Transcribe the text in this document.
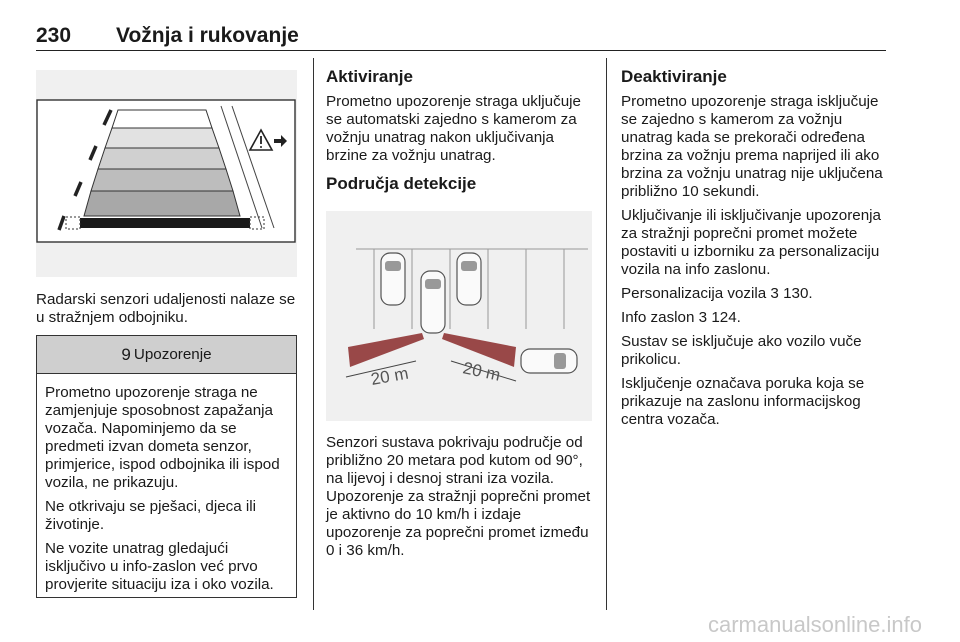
230 Vožnja i rukovanje

Radarski senzori udaljenosti nalaze se u stražnjem odbojniku.

9 Upozorenje

Prometno upozorenje straga ne zamjenjuje sposobnost zapažanja vozača. Napominjemo da se predmeti izvan dometa senzor, primjerice, ispod odbojnika ili ispod vozila, ne prikazuju.

Ne otkrivaju se pješaci, djeca ili životinje.

Ne vozite unatrag gledajući isključivo u info-zaslon već prvo provjerite situaciju iza i oko vozila.

Aktiviranje

Prometno upozorenje straga uključuje se automatski zajedno s kamerom za vožnju unatrag nakon uključivanja brzine za vožnju unatrag.

Područja detekcije
20 m	20 m

Senzori sustava pokrivaju područje od približno 20 metara pod kutom od 90°, na lijevoj i desnoj strani iza vozila. Upozorenje za stražnji poprečni promet je aktivno do 10 km/h i izdaje upozorenje za poprečni promet između 0 i 36 km/h.

Deaktiviranje

Prometno upozorenje straga isključuje se zajedno s kamerom za vožnju unatrag kada se prekorači određena brzina za vožnju prema naprijed ili ako brzina za vožnju unatrag nije uključena približno 10 sekundi.

Uključivanje ili isključivanje upozorenja za stražnji poprečni promet možete postaviti u izborniku za personalizaciju vozila na info zaslonu.

Personalizacija vozila 3 130.

Info zaslon 3 124.

Sustav se isključuje ako vozilo vuče prikolicu.

Isključenje označava poruka koja se prikazuje na zaslonu informacijskog centra vozača.

carmanualsonline.info
